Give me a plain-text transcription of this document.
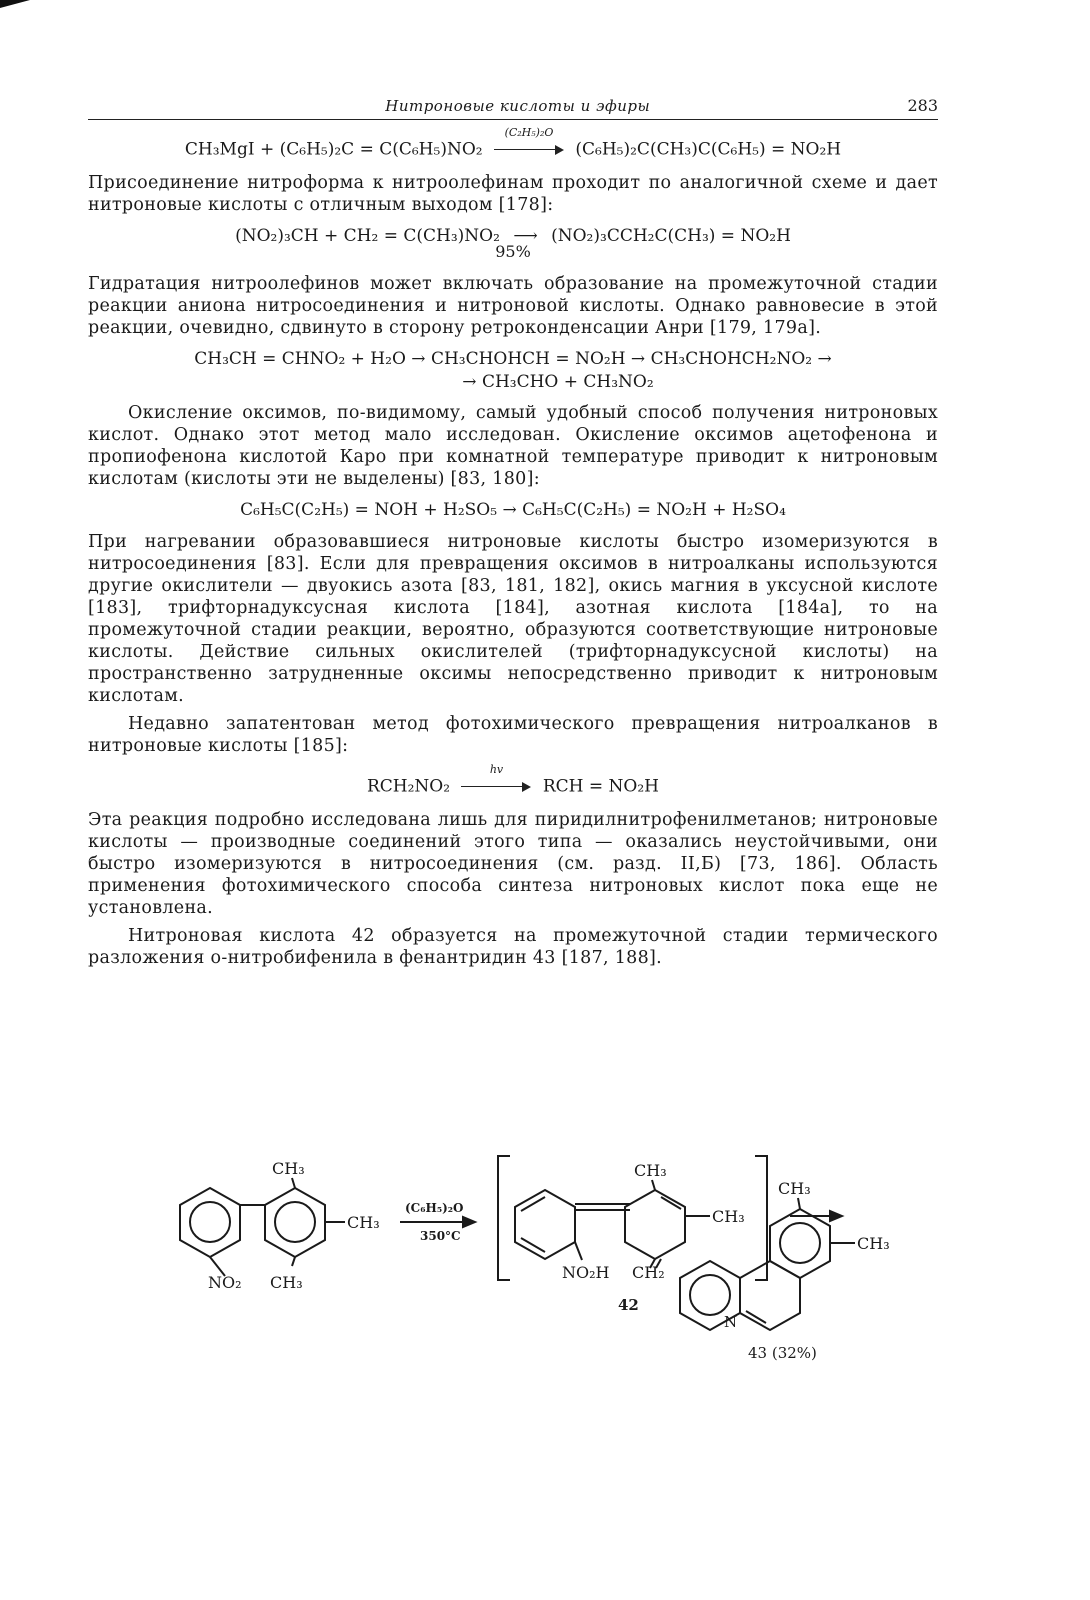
Нитроновые кислоты и эфиры	283
CH₃MgI + (C₆H₅)₂C = C(C₆H₅)NO₂
(C₂H₅)₂O
(C₆H₅)₂C(CH₃)C(C₆H₅) = NO₂H

Присоединение нитроформа к нитроолефинам проходит по аналогичной схеме и дает нитроновые кислоты с отличным выходом [178]:

(NO₂)₃CH + CH₂ = C(CH₃)NO₂ ⟶ (NO₂)₃CCH₂C(CH₃) = NO₂H
95%

Гидратация нитроолефинов может включать образование на промежуточной стадии реакции аниона нитросоединения и нитроновой кислоты. Однако равновесие в этой реакции, очевидно, сдвинуто в сторону ретроконденсации Анри [179, 179а].

CH₃CH = CHNO₂ + H₂O → CH₃CHOHCH = NO₂H → CH₃CHOHCH₂NO₂ →
→ CH₃CHO + CH₃NO₂

Окисление оксимов, по-видимому, самый удобный способ получения нитроновых кислот. Однако этот метод мало исследован. Окисление оксимов ацетофенона и пропиофенона кислотой Каро при комнатной температуре приводит к нитроновым кислотам (кислоты эти не выделены) [83, 180]:

C₆H₅C(C₂H₅) = NOH + H₂SO₅ → C₆H₅C(C₂H₅) = NO₂H + H₂SO₄

При нагревании образовавшиеся нитроновые кислоты быстро изомеризуются в нитросоединения [83]. Если для превращения оксимов в нитроалканы используются другие окислители — двуокись азота [83, 181, 182], окись магния в уксусной кислоте [183], трифторнадуксусная кислота [184], азотная кислота [184а], то на промежуточной стадии реакции, вероятно, образуются соответствующие нитроновые кислоты. Действие сильных окислителей (трифторнадуксусной кислоты) на пространственно затрудненные оксимы непосредственно приводит к нитроновым кислотам.

Недавно запатентован метод фотохимического превращения нитроалканов в нитроновые кислоты [185]:

RCH₂NO₂
hv
RCH = NO₂H

Эта реакция подробно исследована лишь для пиридилнитрофенилметанов; нитроновые кислоты — производные соединений этого типа — оказались неустойчивыми, они быстро изомеризуются в нитросоединения (см. разд. II,Б) [73, 186]. Область применения фотохимического способа синтеза нитроновых кислот пока еще не установлена.

Нитроновая кислота 42 образуется на промежуточной стадии термического разложения о-нитробифенила в фенантридин 43 [187, 188].

CH₃
CH₃
NO₂ CH₃
(C₆H₅)₂O
350°C
CH₃
CH₃
NO₂H CH₂
42
CH₃
CH₃
N
43 (32%)
